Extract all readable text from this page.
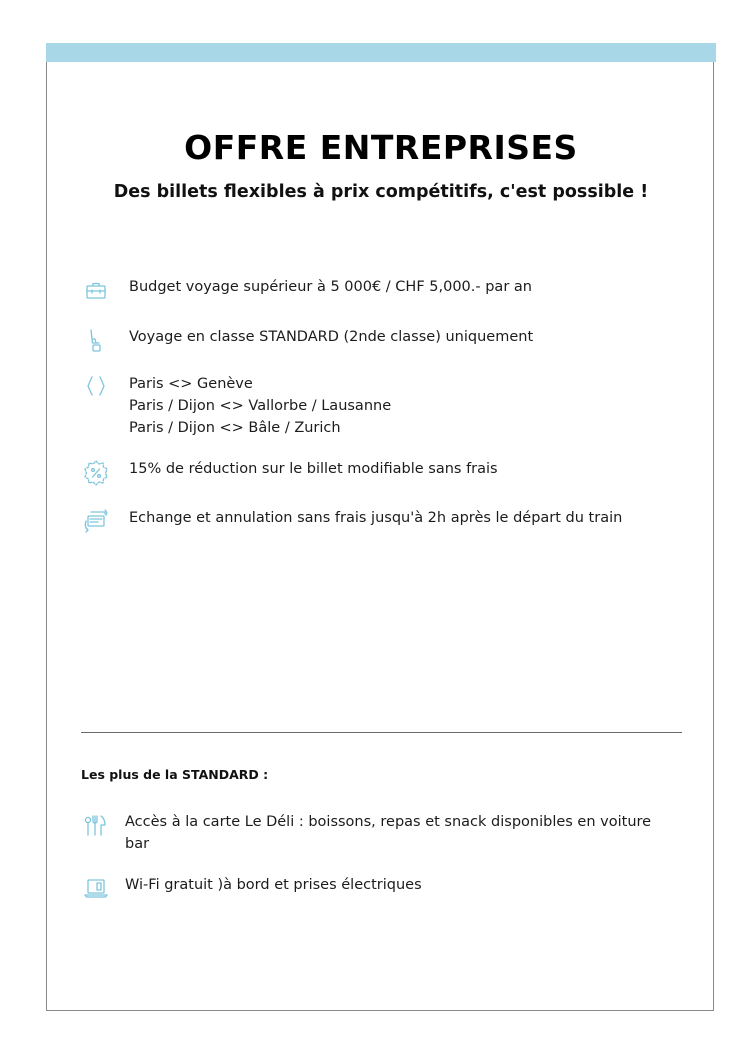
OFFRE ENTREPRISES

Des billets flexibles à prix compétitifs, c'est possible !

Budget voyage supérieur à 5 000€ / CHF 5,000.- par an
Voyage en classe STANDARD (2nde classe) uniquement
Paris <> Genève
Paris / Dijon <> Vallorbe / Lausanne
Paris / Dijon <> Bâle / Zurich
15% de réduction sur le billet modifiable sans frais
Echange et annulation sans frais jusqu'à 2h après le départ du train
Les plus de la STANDARD :
Accès à la carte Le Déli : boissons, repas et snack disponibles en voiture bar
Wi-Fi gratuit )à bord et prises électriques
